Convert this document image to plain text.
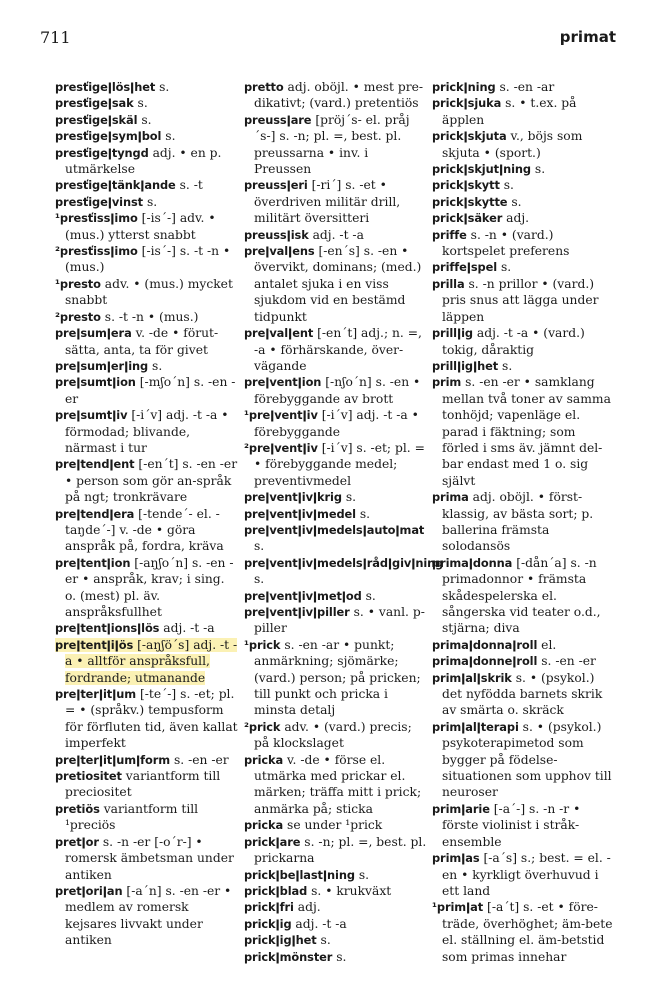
711	primat

presťigeǀlösǀhet s.

presťigeǀsak s.

presťigeǀskäl s.

presťigeǀsymǀbol s.

presťigeǀtyngd adj. • en p. utmärkelse

presťigeǀtänkǀande s. -t

presťigeǀvinst s.

¹presťissǀimo [-is´-] adv. • (mus.) ytterst snabbt

²presťissǀimo [-is´-] s. -t -n • (mus.)

¹presto adv. • (mus.) mycket snabbt

²presto s. -t -n • (mus.)

preǀsumǀera v. -de • förut-sätta, anta, ta för givet

preǀsumǀerǀing s.

preǀsumtǀion [-mʃo´n] s. -en -er

preǀsumtǀiv [-i´v] adj. -t -a • förmodad; blivande, närmast i tur

preǀtendǀent [-en´t] s. -en -er • person som gör an-språk på ngt; tronkrävare

preǀtendǀera [-tende´- el. -taŋde´-] v. -de • göra anspråk på, fordra, kräva

preǀtentǀion [-aŋʃo´n] s. -en -er • anspråk, krav; i sing. o. (mest) pl. äv. anspråksfullhet

preǀtentǀionsǀlös adj. -t -a

preǀtentǀiǀös [-aŋʃö´s] adj. -t -a • alltför anspråksfull, fordrande; utmanande

preǀterǀitǀum [-te´-] s. -et; pl. = • (språkv.) tempusform för förfluten tid, även kallat imperfekt

preǀterǀitǀumǀform s. -en -er

pretiositet variantform till preciositet

pretiös variantform till ¹preciös

pretǀor s. -n -er [-o´r-] • romersk ämbetsman under antiken

pretǀoriǀan [-a´n] s. -en -er • medlem av romersk kejsares livvakt under antiken

pretto adj. oböjl. • mest pre-dikativt; (vard.) pretentiös

preussǀare [pröj´s- el. pråj´s-] s. -n; pl. =, best. pl. preussarna • inv. i Preussen

preussǀeri [-ri´] s. -et • överdriven militär drill, militärt översitteri

preussǀisk adj. -t -a

preǀvalǀens [-en´s] s. -en • övervikt, dominans; (med.) antalet sjuka i en viss sjukdom vid en bestämd tidpunkt

preǀvalǀent [-en´t] adj.; n. =, -a • förhärskande, över-vägande

preǀventǀion [-nʃo´n] s. -en • förebyggande av brott

¹preǀventǀiv [-i´v] adj. -t -a • förebyggande

²preǀventǀiv [-i´v] s. -et; pl. = • förebyggande medel; preventivmedel

preǀventǀivǀkrig s.

preǀventǀivǀmedel s.

preǀventǀivǀmedelsǀautoǀmat s.

preǀventǀivǀmedelsǀrådǀgivǀning s.

preǀventǀivǀmetǀod s.

preǀventǀivǀpiller s. • vanl. p-piller

¹prick s. -en -ar • punkt; anmärkning; sjömärke; (vard.) person; på pricken; till punkt och pricka i minsta detalj

²prick adv. • (vard.) precis; på klockslaget

pricka v. -de • förse el. utmärka med prickar el. märken; träffa mitt i prick; anmärka på; sticka

pricka se under ¹prick

prickǀare s. -n; pl. =, best. pl. prickarna

prickǀbeǀlastǀning s.

prickǀblad s. • krukväxt

prickǀfri adj.

prickǀig adj. -t -a

prickǀigǀhet s.

prickǀmönster s.

prickǀning s. -en -ar

prickǀsjuka s. • t.ex. på äpplen

prickǀskjuta v., böjs som skjuta • (sport.)

prickǀskjutǀning s.

prickǀskytt s.

prickǀskytte s.

prickǀsäker adj.

priffe s. -n • (vard.) kortspelet preferens

priffeǀspel s.

prilla s. -n prillor • (vard.) pris snus att lägga under läppen

prillǀig adj. -t -a • (vard.) tokig, dåraktig

prillǀigǀhet s.

prim s. -en -er • samklang mellan två toner av samma tonhöjd; vapenläge el. parad i fäktning; som förled i sms äv. jämnt del-bar endast med 1 o. sig självt

prima adj. oböjl. • först-klassig, av bästa sort; p. ballerina främsta solodansös

primaǀdonna [-dån´a] s. -n primadonnor • främsta skådespelerska el. sångerska vid teater o.d., stjärna; diva

primaǀdonnaǀroll el.

primaǀdonneǀroll s. -en -er

primǀalǀskrik s. • (psykol.) det nyfödda barnets skrik av smärta o. skräck

primǀalǀterapi s. • (psykol.) psykoterapimetod som bygger på födelse-situationen som upphov till neuroser

primǀarie [-a´-] s. -n -r • förste violinist i stråk-ensemble

primǀas [-a´s] s.; best. = el. -en • kyrkligt överhuvud i ett land

¹primǀat [-a´t] s. -et • före-träde, överhöghet; äm-bete el. ställning el. äm-betstid som primas innehar
